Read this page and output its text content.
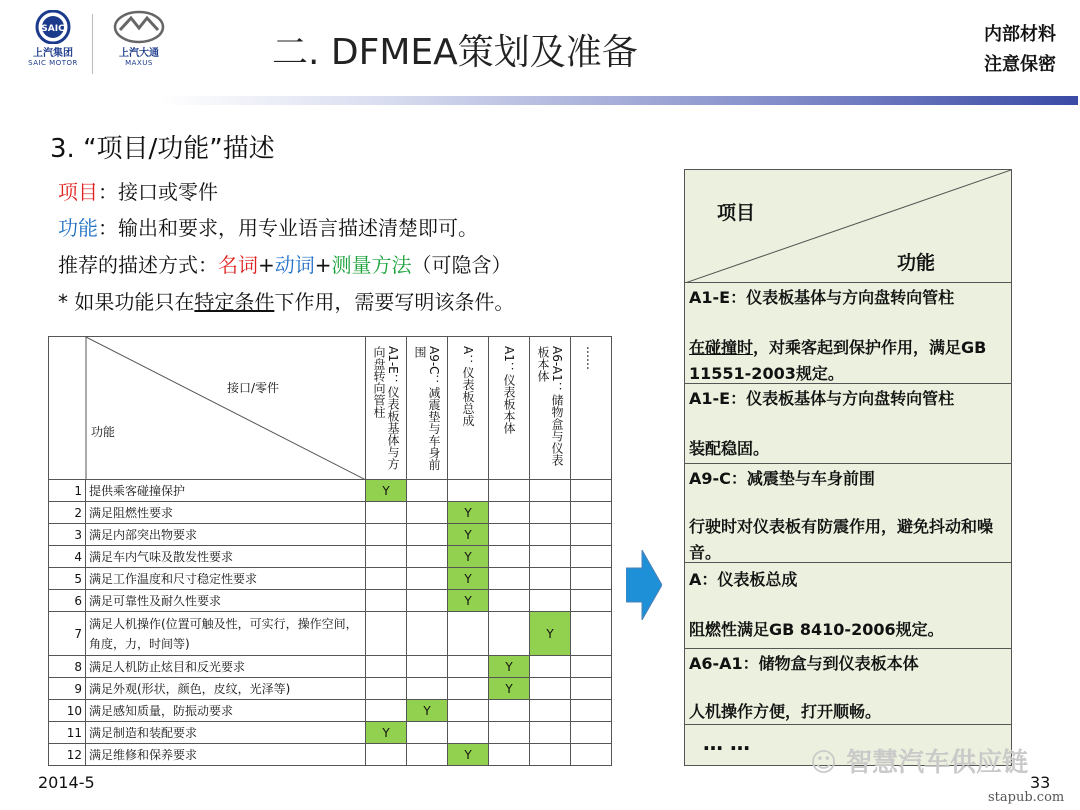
SAIC
上汽集团
SAIC MOTOR
上汽大通
MAXUS	二. DFMEA策划及准备	内部材料
注意保密
3. “项目/功能”描述
项目：接口或零件
功能：输出和要求，用专业语言描述清楚即可。
推荐的描述方式：名词+动词+测量方法（可隐含）
* 如果功能只在特定条件下作用，需要写明该条件。
接口/零件
功能		A1-E：仪表板基体与方向盘转向管柱	A9-C：减震垫与车身前围	A：仪表板总成	A1：仪表板本体	A6-A1：储物盒与仪表板本体	……

1	提供乘客碰撞保护	Y					
2	满足阻燃性要求			Y			
3	满足内部突出物要求			Y			
4	满足车内气味及散发性要求			Y			
5	满足工作温度和尺寸稳定性要求			Y			
6	满足可靠性及耐久性要求			Y			
7	满足人机操作(位置可触及性，可实行，操作空间，角度，力，时间等)					Y	
8	满足人机防止炫目和反光要求				Y		
9	满足外观(形状，颜色，皮纹，光泽等)				Y		
10	满足感知质量，防振动要求		Y				
11	满足制造和装配要求	Y					
12	满足维修和保养要求			Y			
项目
功能
A1-E：仪表板基体与方向盘转向管柱
在碰撞时，对乘客起到保护作用，满足GB 11551-2003规定。
A1-E：仪表板基体与方向盘转向管柱
装配稳固。
A9-C：减震垫与车身前围
行驶时对仪表板有防震作用，避免抖动和噪音。
A：仪表板总成
阻燃性满足GB 8410-2006规定。
A6-A1：储物盒与到仪表板本体
人机操作方便，打开顺畅。
… …
2014-5
☺ 智慧汽车供应链
33
stapub.com
